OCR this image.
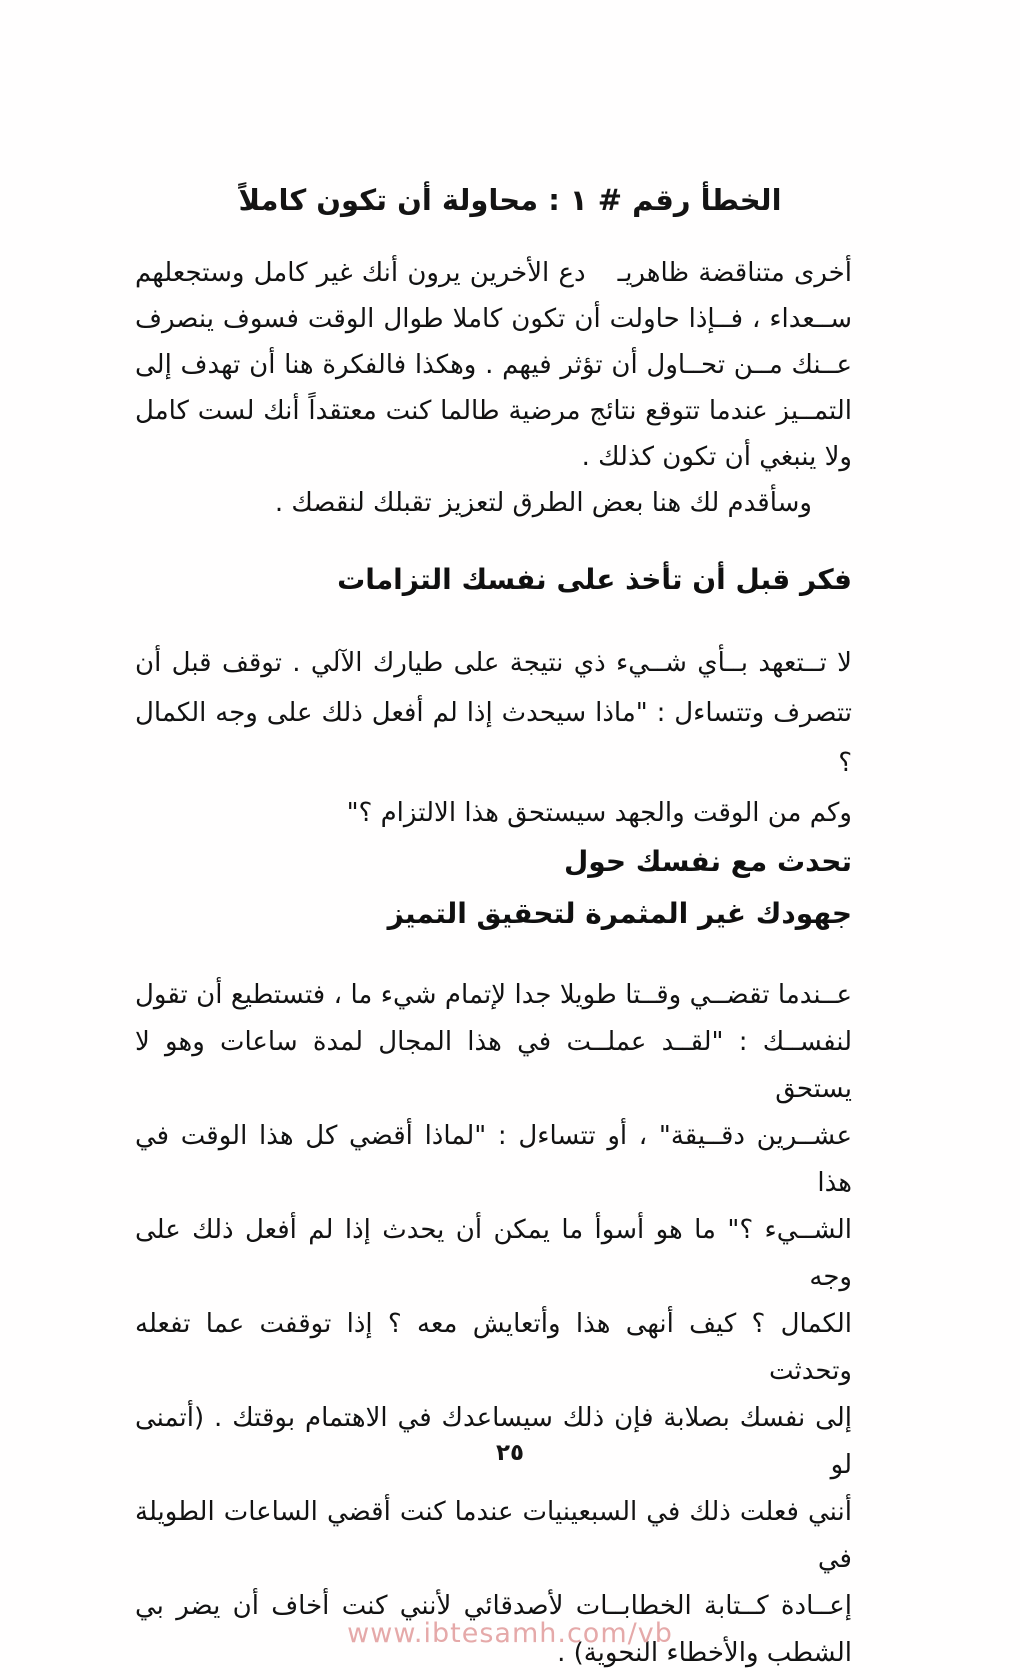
الخطأ رقم # ١ : محاولة أن تكون كاملاً
أخرى متناقضة ظاهريـدع الأخرين يرون أنك غير كامل وستجعلهم
ســعداء ، فــإذا حاولت أن تكون كاملا طوال الوقت فسوف ينصرف
عــنك مــن تحــاول أن تؤثر فيهم . وهكذا فالفكرة هنا أن تهدف إلى
التمــيز عندما تتوقع نتائج مرضية طالما كنت معتقداً أنك لست كامل
ولا ينبغي أن تكون كذلك .
وسأقدم لك هنا بعض الطرق لتعزيز تقبلك لنقصك .
فكر قبل أن تأخذ على نفسك التزامات
لا تــتعهد بــأي شــيء ذي نتيجة على طيارك الآلي . توقف قبل أن
تتصرف وتتساءل : "ماذا سيحدث إذا لم أفعل ذلك على وجه الكمال ؟
وكم من الوقت والجهد سيستحق هذا الالتزام ؟"
تحدث مع نفسك حول
جهودك غير المثمرة لتحقيق التميز
عــندما تقضــي وقــتا طويلا جدا لإتمام شيء ما ، فتستطيع أن تقول
لنفســك : "لقــد عملــت في هذا المجال لمدة ساعات وهو لا يستحق
عشــرين دقــيقة" ، أو تتساءل : "لماذا أقضي كل هذا الوقت في هذا
الشــيء ؟" ما هو أسوأ ما يمكن أن يحدث إذا لم أفعل ذلك على وجه
الكمال ؟ كيف أنهى هذا وأتعايش معه ؟ إذا توقفت عما تفعله وتحدثت
إلى نفسك بصلابة فإن ذلك سيساعدك في الاهتمام بوقتك . (أتمنى لو
أنني فعلت ذلك في السبعينيات عندما كنت أقضي الساعات الطويلة في
إعــادة كــتابة الخطابــات لأصدقائي لأنني كنت أخاف أن يضر بي
الشطب والأخطاء النحوية) .
٢٥
www.ibtesamh.com/vb
